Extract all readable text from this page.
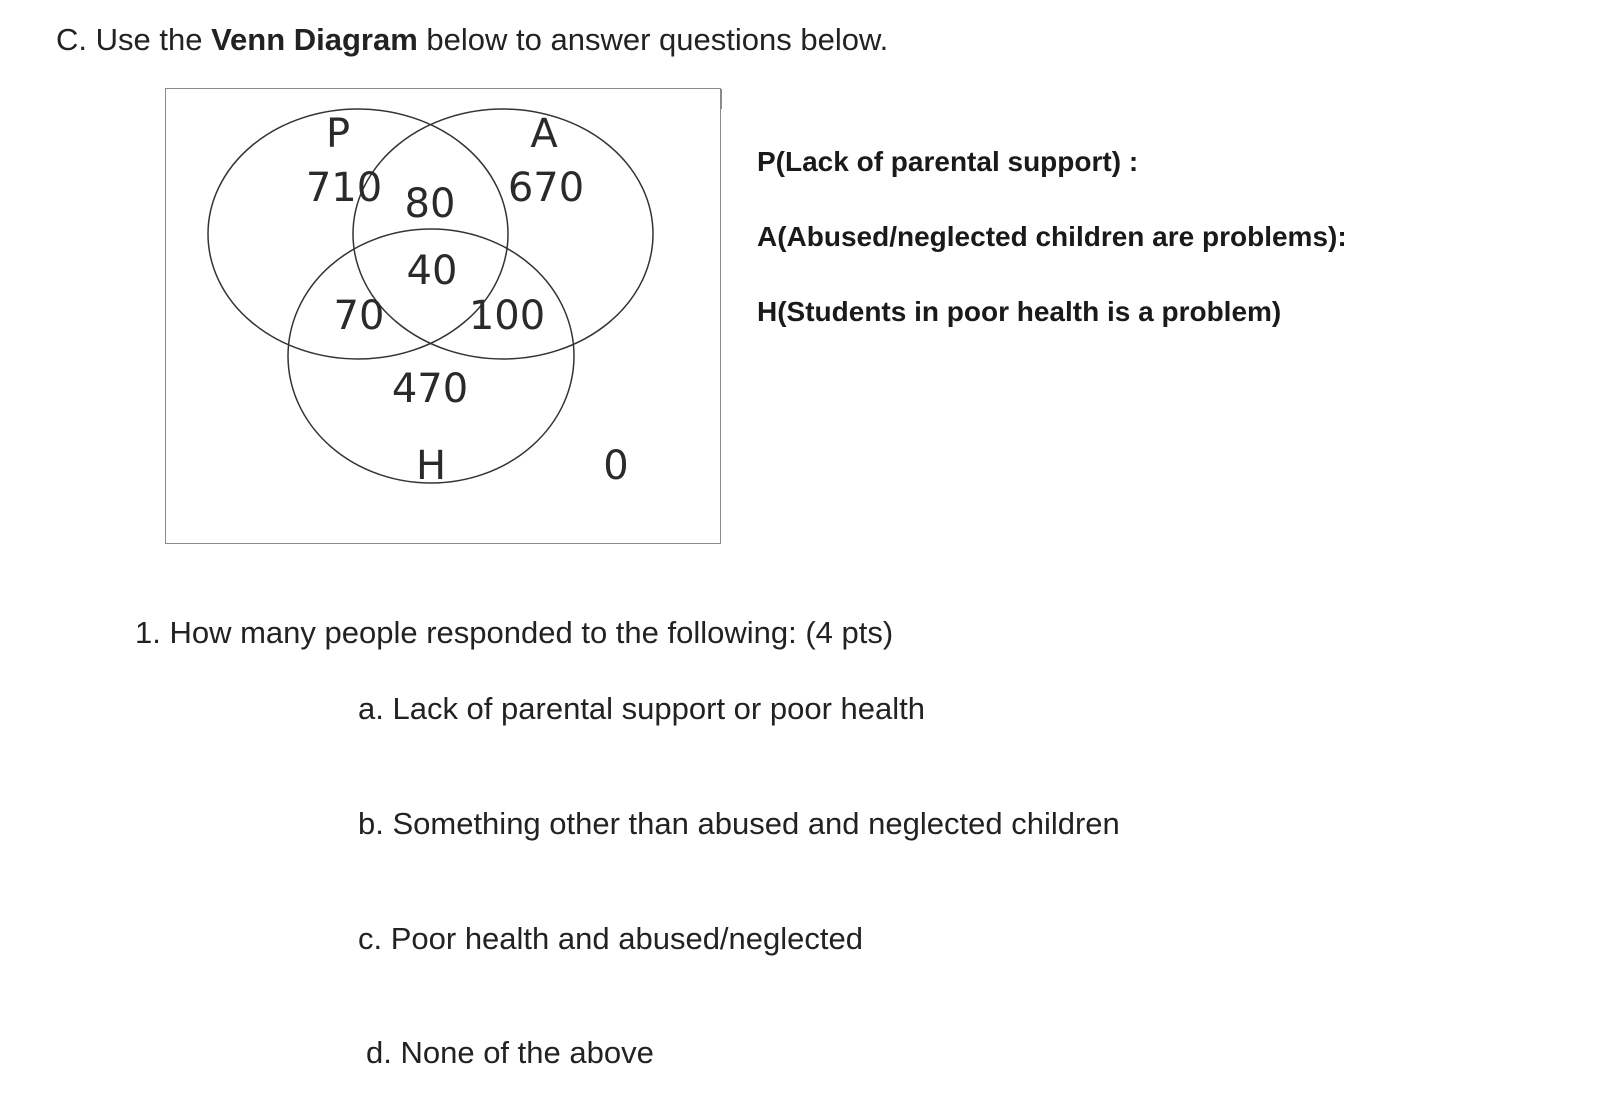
C. Use the Venn Diagram below to answer questions below.
P	A
H
710 80 670
40
70 100
470
0
P(Lack of parental support) :
A(Abused/neglected children are problems):
H(Students in poor health is a problem)
1. How many people responded to the following: (4 pts)
a. Lack of parental support or poor health
b. Something other than abused and neglected children
c. Poor health and abused/neglected
d. None of the above
